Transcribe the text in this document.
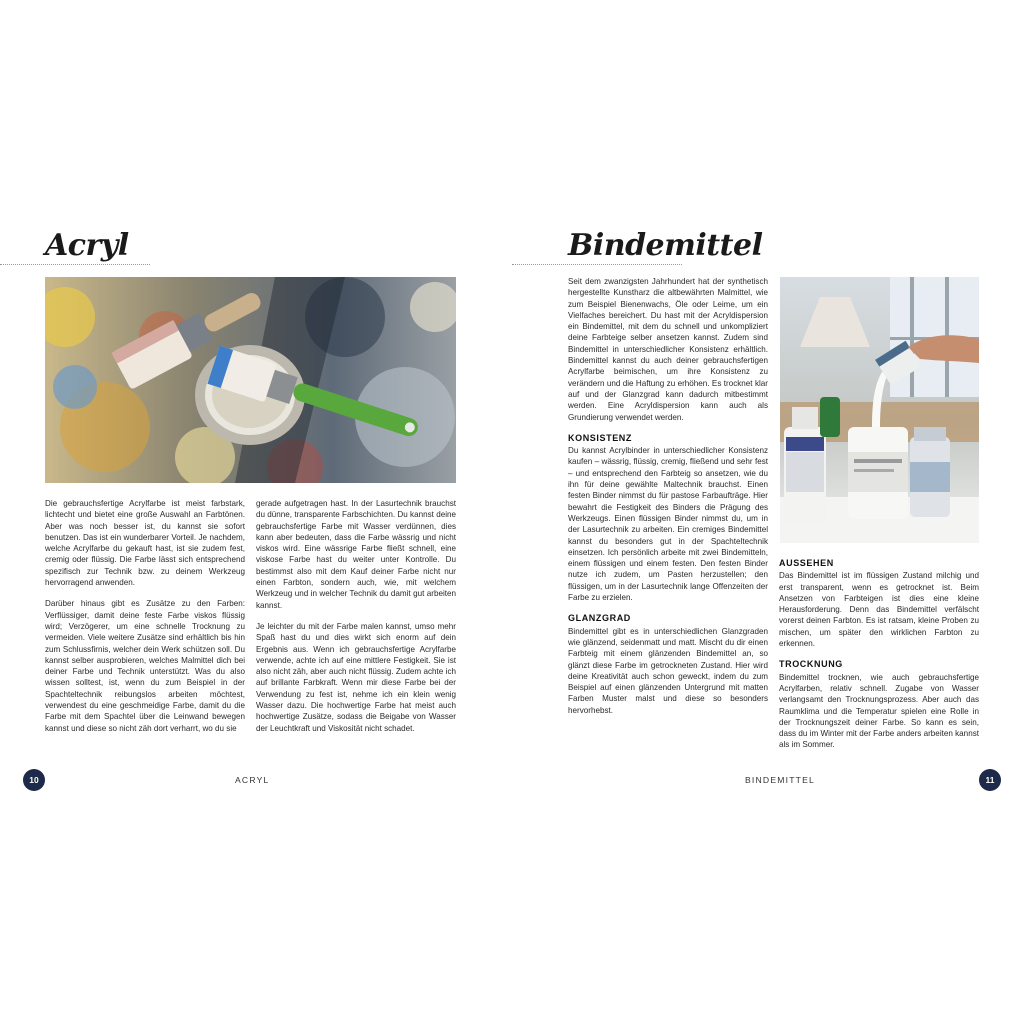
Acryl

Die gebrauchsfertige Acrylfarbe ist meist farbstark, lichtecht und bietet eine große Auswahl an Farbtönen. Aber was noch besser ist, du kannst sie sofort benutzen. Das ist ein wunderbarer Vorteil. Je nachdem, welche Acrylfarbe du gekauft hast, ist sie zudem fest, cremig oder flüssig. Die Farbe lässt sich entsprechend spezifisch zur Technik bzw. zu deinem Werkzeug hervorragend anwenden.

Darüber hinaus gibt es Zusätze zu den Farben: Verflüssiger, damit deine feste Farbe viskos flüssig wird; Verzögerer, um eine schnelle Trocknung zu vermeiden. Viele weitere Zusätze sind erhältlich bis hin zum Schlussfirnis, welcher dein Werk schützen soll. Du kannst selber ausprobieren, welches Malmittel dich bei deiner Farbe und Technik unterstützt. Was du also wissen solltest, ist, wenn du zum Beispiel in der Spachteltechnik reibungslos arbeiten möchtest, verwendest du eine geschmeidige Farbe, damit du die Farbe mit dem Spachtel über die Leinwand bewegen kannst und diese so nicht zäh dort verharrt, wo du sie

gerade aufgetragen hast. In der Lasurtechnik brauchst du dünne, transparente Farbschichten. Du kannst deine gebrauchsfertige Farbe mit Wasser verdünnen, dies kann aber bedeuten, dass die Farbe wässrig und nicht viskos wird. Eine wässrige Farbe fließt schnell, eine viskose Farbe hast du weiter unter Kontrolle. Du bestimmst also mit dem Kauf deiner Farbe nicht nur einen Farbton, sondern auch, wie, mit welchem Werkzeug und in welcher Technik du damit gut arbeiten kannst.

Je leichter du mit der Farbe malen kannst, umso mehr Spaß hast du und dies wirkt sich enorm auf dein Ergebnis aus. Wenn ich gebrauchsfertige Acrylfarbe verwende, achte ich auf eine mittlere Festigkeit. Sie ist also nicht zäh, aber auch nicht flüssig. Zudem achte ich auf brillante Farbkraft. Wenn mir diese Farbe bei der Verwendung zu fest ist, nehme ich ein klein wenig Wasser dazu. Die hochwertige Farbe hat meist auch hochwertige Zusätze, sodass die Beigabe von Wasser der Leuchtkraft und Viskosität nicht schadet.

10	ACRYL
Bindemittel

Seit dem zwanzigsten Jahrhundert hat der synthetisch hergestellte Kunstharz die altbewährten Malmittel, wie zum Beispiel Bienenwachs, Öle oder Leime, um ein Vielfaches bereichert. Du hast mit der Acryldispersion ein Bindemittel, mit dem du schnell und unkompliziert deine Farbteige selber ansetzen kannst. Zudem sind Bindemittel in unterschiedlicher Konsistenz erhältlich. Bindemittel kannst du auch deiner gebrauchsfertigen Acrylfarbe beimischen, um ihre Konsistenz zu verändern und die Haftung zu erhöhen. Es trocknet klar auf und der Glanzgrad kann dadurch mitbestimmt werden. Eine Acryldispersion kann auch als Grundierung verwendet werden.

KONSISTENZ

Du kannst Acrylbinder in unterschiedlicher Konsistenz kaufen – wässrig, flüssig, cremig, fließend und sehr fest – und entsprechend den Farbteig so ansetzen, wie du ihn für deine gewählte Maltechnik brauchst. Einen festen Binder nimmst du für pastose Farbaufträge. Hier bewahrt die Festigkeit des Binders die Prägung des Werkzeugs. Einen flüssigen Binder nimmst du, um in der Lasurtechnik zu arbeiten. Ein cremiges Bindemittel kannst du besonders gut in der Spachteltechnik einsetzen. Ich persönlich arbeite mit zwei Bindemitteln, einem flüssigen und einem festen. Den festen Binder nutze ich zudem, um Pasten herzustellen; den flüssigen, um in der Lasurtechnik lange Offenzeiten der Farbe zu erzielen.

GLANZGRAD

Bindemittel gibt es in unterschiedlichen Glanzgraden wie glänzend, seidenmatt und matt. Mischt du dir einen Farbteig mit einem glänzenden Bindemittel an, so glänzt diese Farbe im getrockneten Zustand. Hier wird deine Kreativität auch schon geweckt, indem du zum Beispiel auf einen glänzenden Untergrund mit matten Farben Muster malst und diese so besonders hervorhebst.

AUSSEHEN

Das Bindemittel ist im flüssigen Zustand milchig und erst transparent, wenn es getrocknet ist. Beim Ansetzen von Farbteigen ist dies eine kleine Herausforderung. Denn das Bindemittel verfälscht vorerst deinen Farbton. Es ist ratsam, kleine Proben zu mischen, um später den wirklichen Farbton zu erkennen.

TROCKNUNG

Bindemittel trocknen, wie auch gebrauchsfertige Acrylfarben, relativ schnell. Zugabe von Wasser verlangsamt den Trocknungsprozess. Aber auch das Raumklima und die Temperatur spielen eine Rolle in der Trocknungszeit deiner Farbe. So kann es sein, dass du im Winter mit der Farbe anders arbeiten kannst als im Sommer.

BINDEMITTEL	11
